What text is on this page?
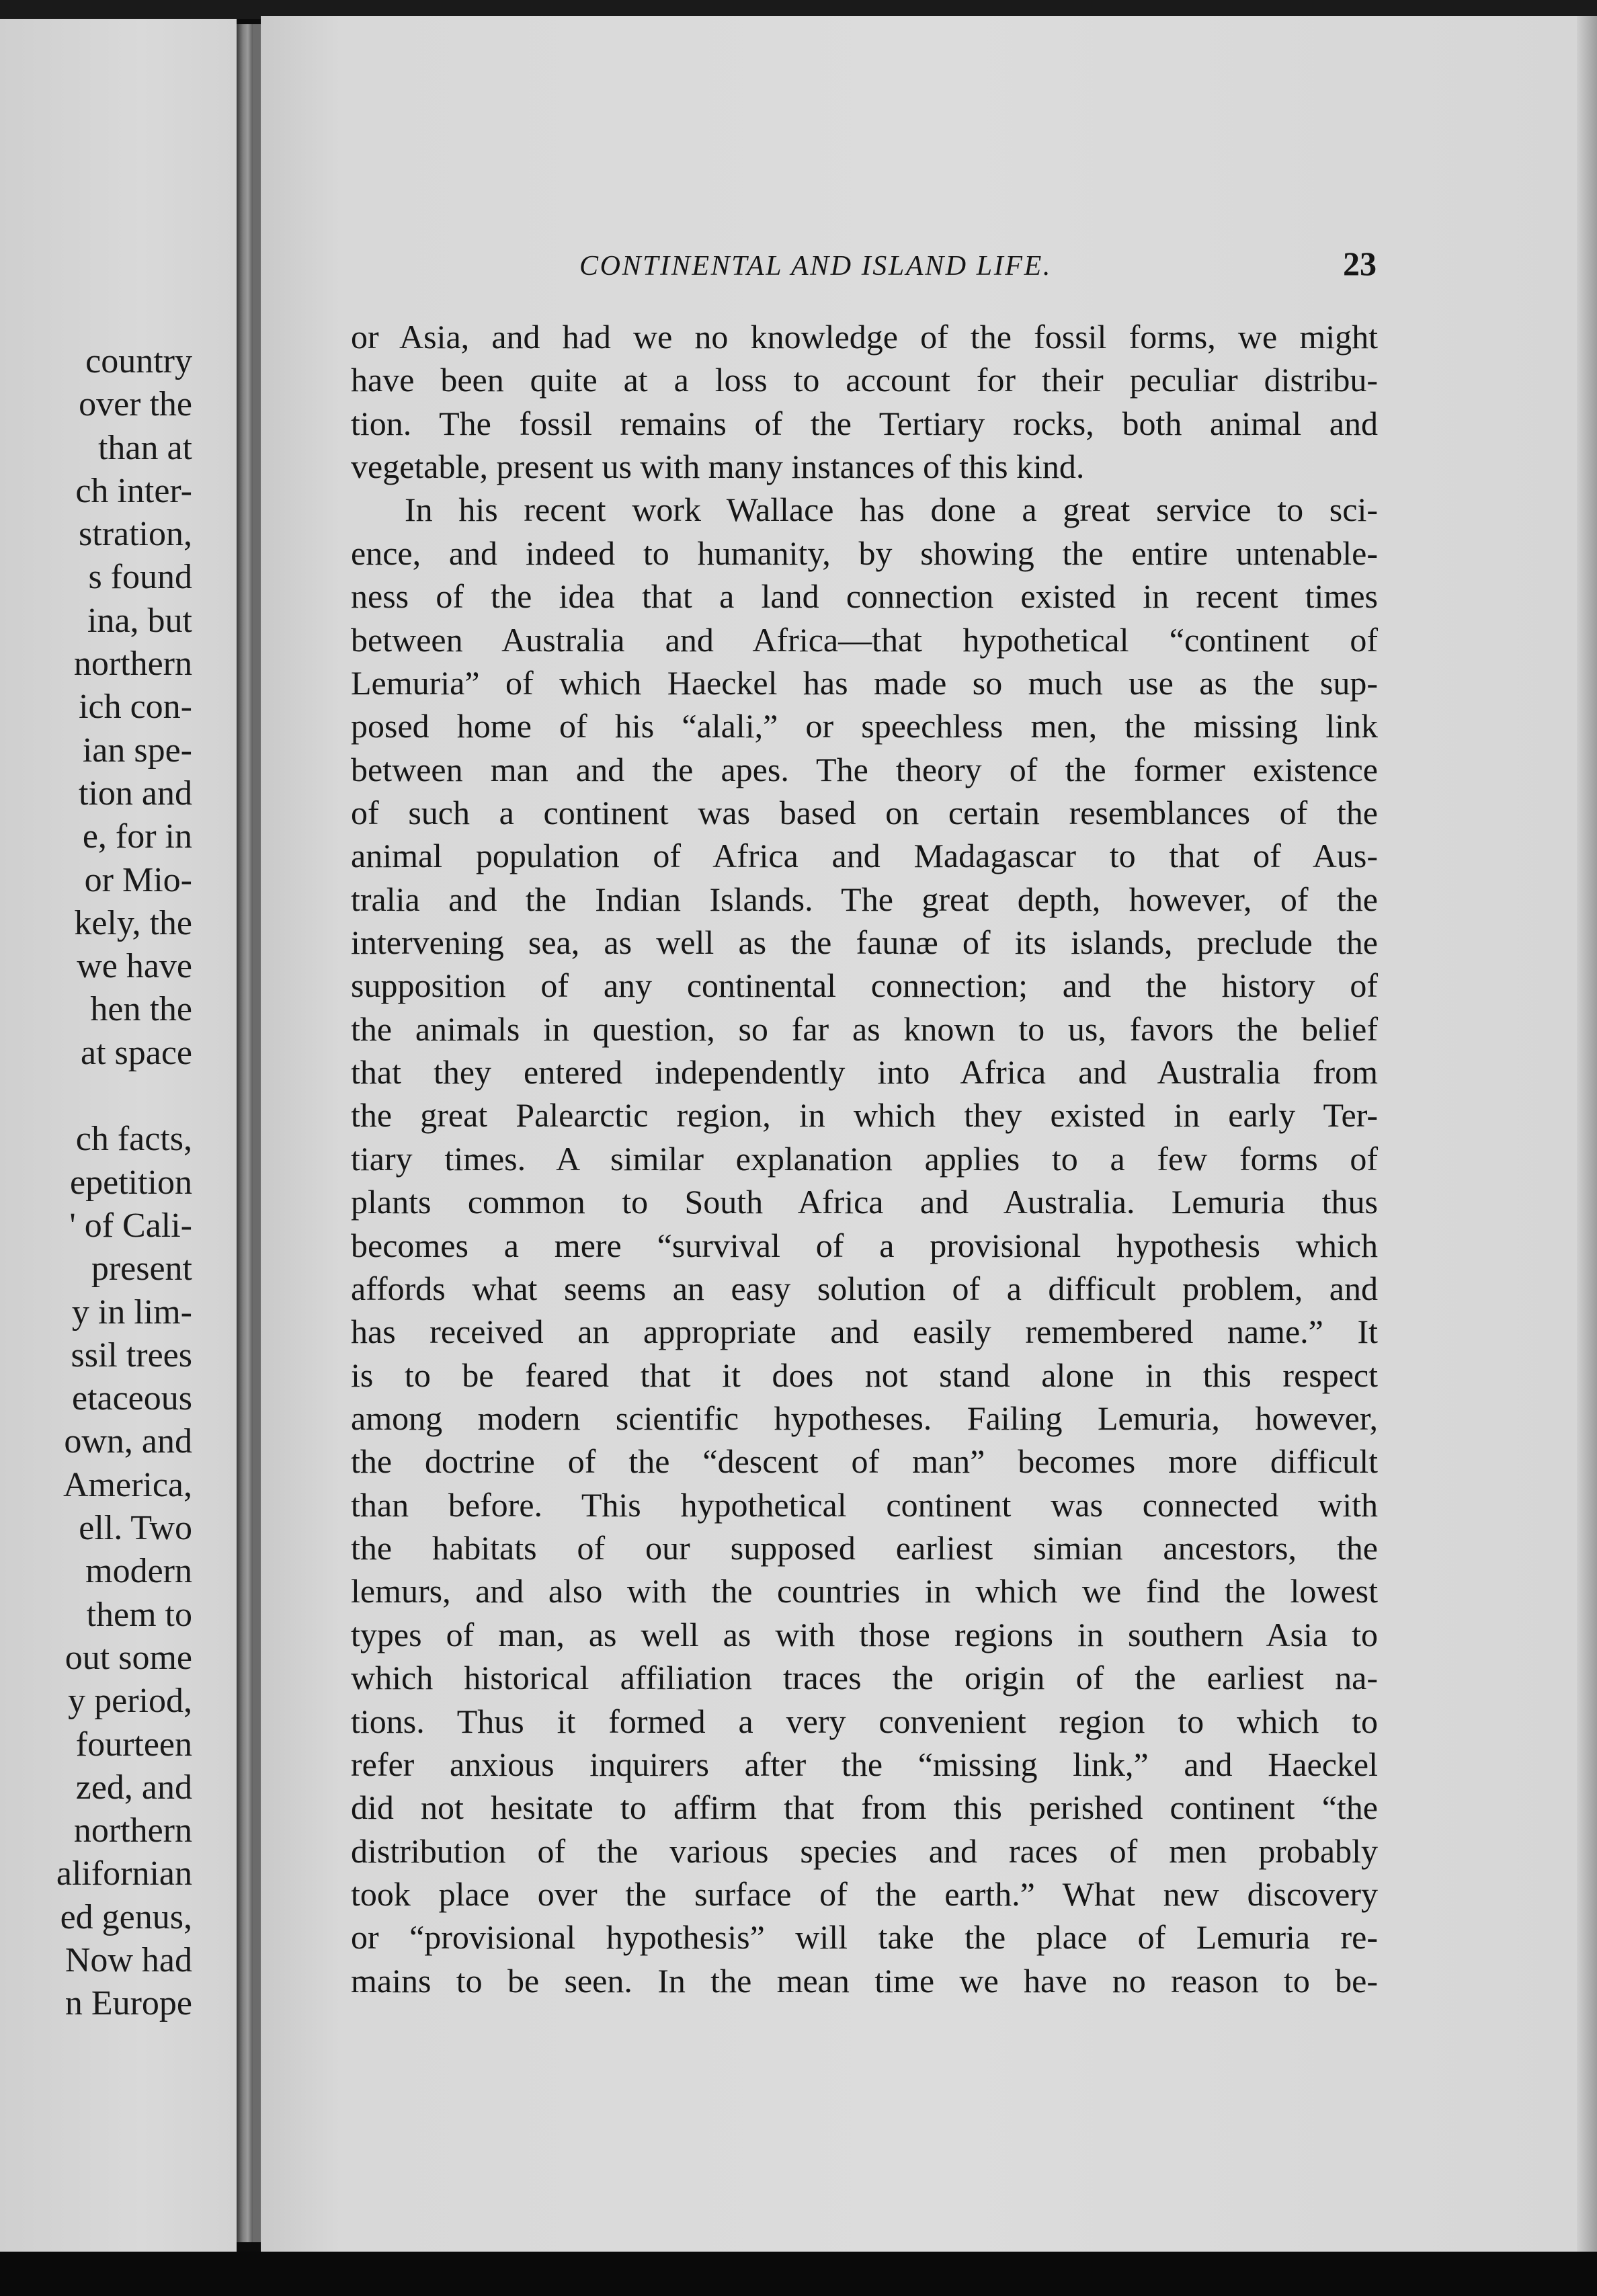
country
over the
than at
ch inter-
stration,
s found
ina, but
northern
ich con-
ian spe-
tion and
e, for in
or Mio-
kely, the
we have
hen the
at space
ch facts,
epetition
' of Cali-
present
y in lim-
ssil trees
etaceous
own, and
America,
ell. Two
modern
them to
out some
y period,
fourteen
zed, and
northern
alifornian
ed genus,
Now had
n Europe
CONTINENTAL AND ISLAND LIFE.	23
or Asia, and had we no knowledge of the fossil forms, we might
have been quite at a loss to account for their peculiar distribu-
tion. The fossil remains of the Tertiary rocks, both animal and
vegetable, present us with many instances of this kind.
In his recent work Wallace has done a great service to sci-
ence, and indeed to humanity, by showing the entire untenable-
ness of the idea that a land connection existed in recent times
between Australia and Africa—that hypothetical “continent of
Lemuria” of which Haeckel has made so much use as the sup-
posed home of his “alali,” or speechless men, the missing link
between man and the apes. The theory of the former existence
of such a continent was based on certain resemblances of the
animal population of Africa and Madagascar to that of Aus-
tralia and the Indian Islands. The great depth, however, of the
intervening sea, as well as the faunæ of its islands, preclude the
supposition of any continental connection; and the history of
the animals in question, so far as known to us, favors the belief
that they entered independently into Africa and Australia from
the great Palearctic region, in which they existed in early Ter-
tiary times. A similar explanation applies to a few forms of
plants common to South Africa and Australia. Lemuria thus
becomes a mere “survival of a provisional hypothesis which
affords what seems an easy solution of a difficult problem, and
has received an appropriate and easily remembered name.” It
is to be feared that it does not stand alone in this respect
among modern scientific hypotheses. Failing Lemuria, however,
the doctrine of the “descent of man” becomes more difficult
than before. This hypothetical continent was connected with
the habitats of our supposed earliest simian ancestors, the
lemurs, and also with the countries in which we find the lowest
types of man, as well as with those regions in southern Asia to
which historical affiliation traces the origin of the earliest na-
tions. Thus it formed a very convenient region to which to
refer anxious inquirers after the “missing link,” and Haeckel
did not hesitate to affirm that from this perished continent “the
distribution of the various species and races of men probably
took place over the surface of the earth.” What new discovery
or “provisional hypothesis” will take the place of Lemuria re-
mains to be seen. In the mean time we have no reason to be-
